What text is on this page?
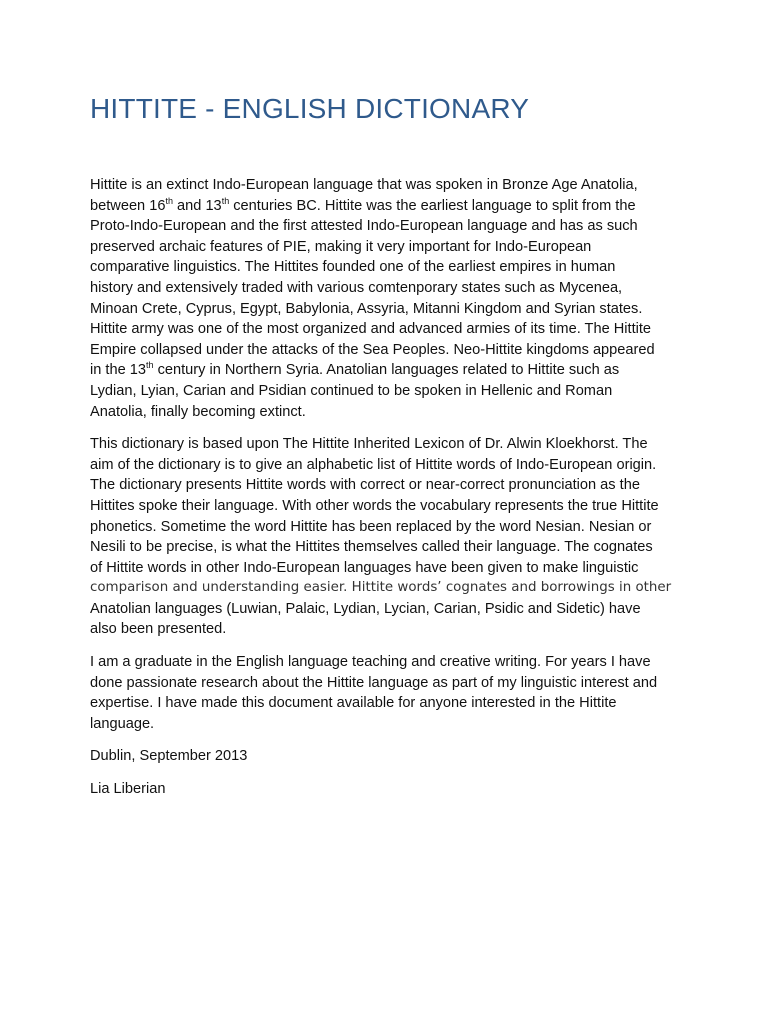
HITTITE - ENGLISH DICTIONARY

Hittite is an extinct Indo-European language that was spoken in Bronze Age Anatolia,
between 16th and 13th centuries BC. Hittite was the earliest language to split from the
Proto-Indo-European and the first attested Indo-European language and has as such
preserved archaic features of PIE, making it very important for Indo-European
comparative linguistics. The Hittites founded one of the earliest empires in human
history and extensively traded with various comtenporary states such as Mycenea,
Minoan Crete, Cyprus, Egypt, Babylonia, Assyria, Mitanni Kingdom and Syrian states.
Hittite army was one of the most organized and advanced armies of its time. The Hittite
Empire collapsed under the attacks of the Sea Peoples. Neo-Hittite kingdoms appeared
in the 13th century in Northern Syria. Anatolian languages related to Hittite such as
Lydian, Lyian, Carian and Psidian continued to be spoken in Hellenic and Roman
Anatolia, finally becoming extinct.

This dictionary is based upon The Hittite Inherited Lexicon of Dr. Alwin Kloekhorst. The
aim of the dictionary is to give an alphabetic list of Hittite words of Indo-European origin.
The dictionary presents Hittite words with correct or near-correct pronunciation as the
Hittites spoke their language. With other words the vocabulary represents the true Hittite
phonetics. Sometime the word Hittite has been replaced by the word Nesian. Nesian or
Nesili to be precise, is what the Hittites themselves called their language. The cognates
of Hittite words in other Indo-European languages have been given to make linguistic
comparison and understanding easier. Hittite words’ cognates and borrowings in other
Anatolian languages (Luwian, Palaic, Lydian, Lycian, Carian, Psidic and Sidetic) have
also been presented.

I am a graduate in the English language teaching and creative writing. For years I have
done passionate research about the Hittite language as part of my linguistic interest and
expertise. I have made this document available for anyone interested in the Hittite
language.

Dublin, September 2013

Lia Liberian
